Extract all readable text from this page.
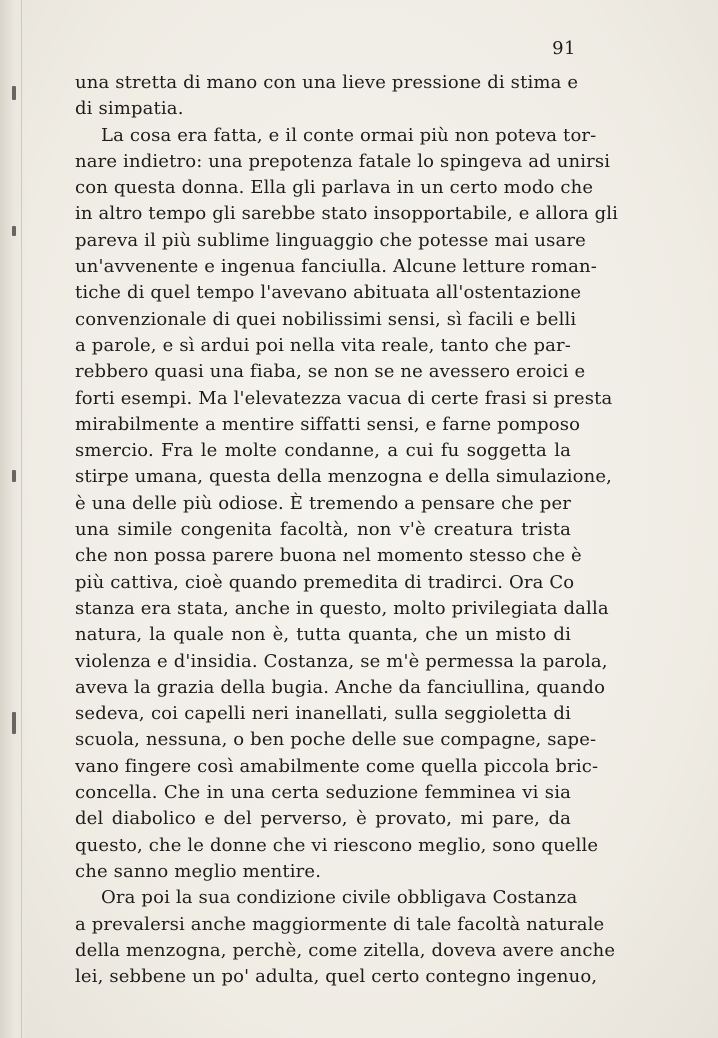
91
una stretta di mano con una lieve pressione di stima e
di simpatia.
La cosa era fatta, e il conte ormai più non poteva tor-
nare indietro: una prepotenza fatale lo spingeva ad unirsi
con questa donna. Ella gli parlava in un certo modo che
in altro tempo gli sarebbe stato insopportabile, e allora gli
pareva il più sublime linguaggio che potesse mai usare
un'avvenente e ingenua fanciulla. Alcune letture roman-
tiche di quel tempo l'avevano abituata all'ostentazione
convenzionale di quei nobilissimi sensi, sì facili e belli
a parole, e sì ardui poi nella vita reale, tanto che par-
rebbero quasi una fiaba, se non se ne avessero eroici e
forti esempi. Ma l'elevatezza vacua di certe frasi si presta
mirabilmente a mentire siffatti sensi, e farne pomposo
smercio. Fra le molte condanne, a cui fu soggetta la
stirpe umana, questa della menzogna e della simulazione,
è una delle più odiose. È tremendo a pensare che per
una simile congenita facoltà, non v'è creatura trista
che non possa parere buona nel momento stesso che è
più cattiva, cioè quando premedita di tradirci. Ora Co
stanza era stata, anche in questo, molto privilegiata dalla
natura, la quale non è, tutta quanta, che un misto di
violenza e d'insidia. Costanza, se m'è permessa la parola,
aveva la grazia della bugia. Anche da fanciullina, quando
sedeva, coi capelli neri inanellati, sulla seggioletta di
scuola, nessuna, o ben poche delle sue compagne, sape-
vano fingere così amabilmente come quella piccola bric-
concella. Che in una certa seduzione femminea vi sia
del diabolico e del perverso, è provato, mi pare, da
questo, che le donne che vi riescono meglio, sono quelle
che sanno meglio mentire.
Ora poi la sua condizione civile obbligava Costanza
a prevalersi anche maggiormente di tale facoltà naturale
della menzogna, perchè, come zitella, doveva avere anche
lei, sebbene un po' adulta, quel certo contegno ingenuo,
